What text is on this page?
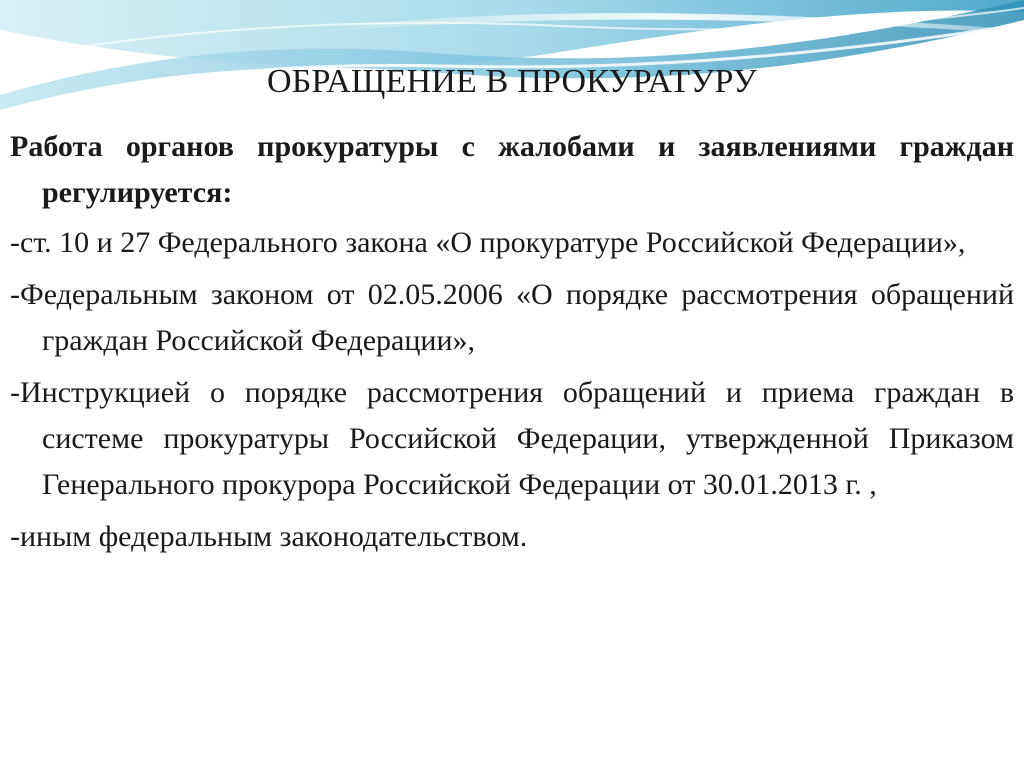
ОБРАЩЕНИЕ В ПРОКУРАТУРУ

Работа органов прокуратуры с жалобами и заявлениями граждан регулируется:

-ст. 10 и 27 Федерального закона «О прокуратуре Российской Федерации»,

-Федеральным законом от 02.05.2006 «О порядке рассмотрения обращений граждан Российской Федерации»,

-Инструкцией о порядке рассмотрения обращений и приема граждан в системе прокуратуры Российской Федерации, утвержденной Приказом Генерального прокурора Российской Федерации от 30.01.2013 г. ,

-иным федеральным законодательством.
